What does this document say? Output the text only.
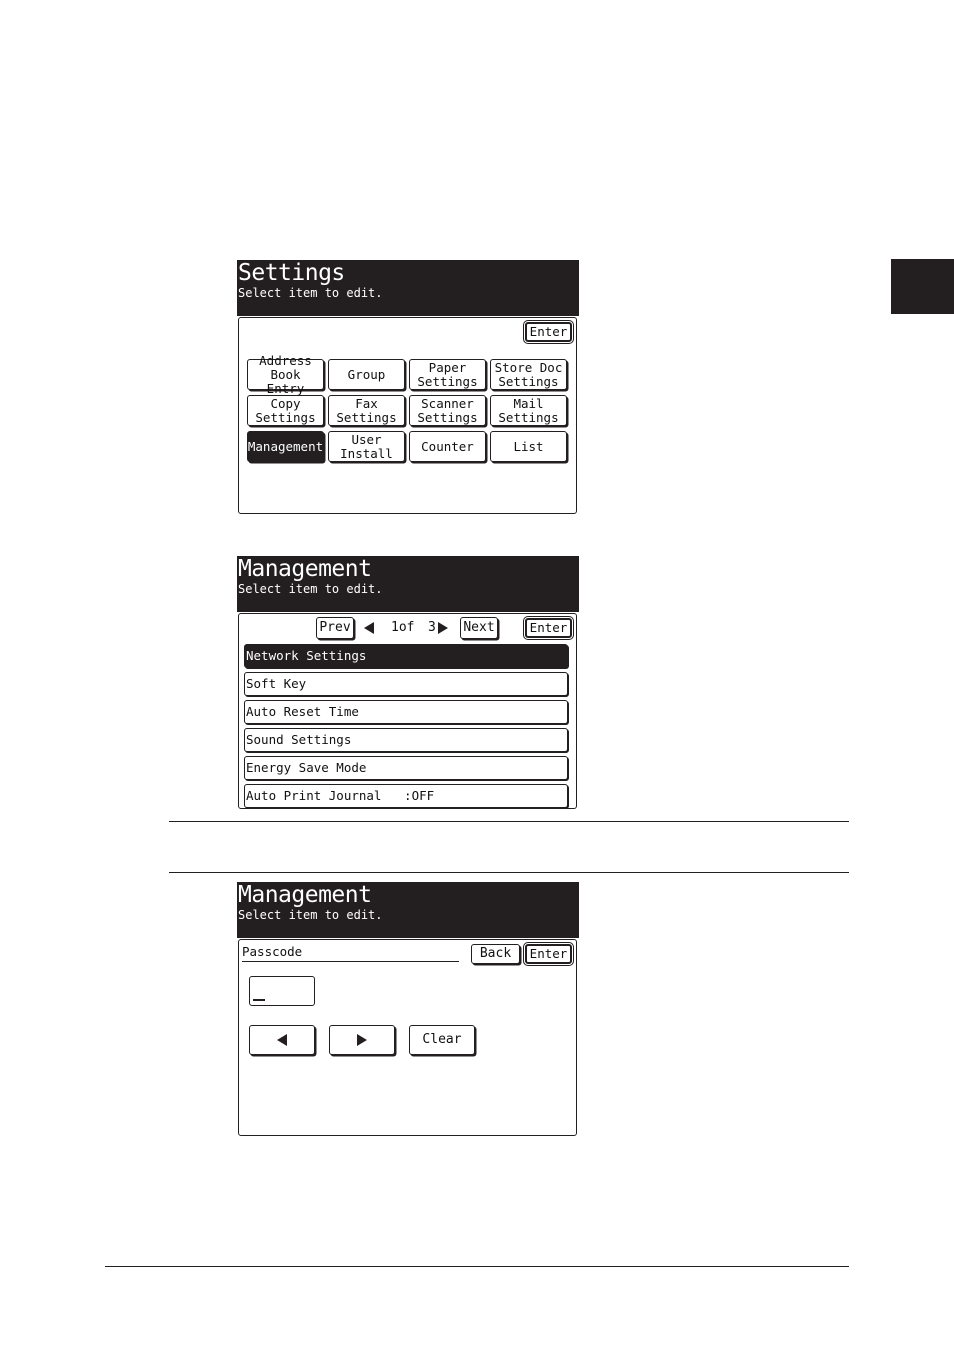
Settings
Select item to edit.
Enter
Address
Book Entry
Group	Paper
Settings
Store Doc
Settings
Copy
Settings
Fax
Settings
Scanner
Settings
Mail
Settings
Management	User
Install	Counter	List
Management
Select item to edit.
Prev	1of 3 Next	Enter
Network Settings
Soft Key
Auto Reset Time
Sound Settings
Energy Save Mode
Auto Print Journal   :OFF
Management
Select item to edit.
Passcode	Back	Enter
Clear
